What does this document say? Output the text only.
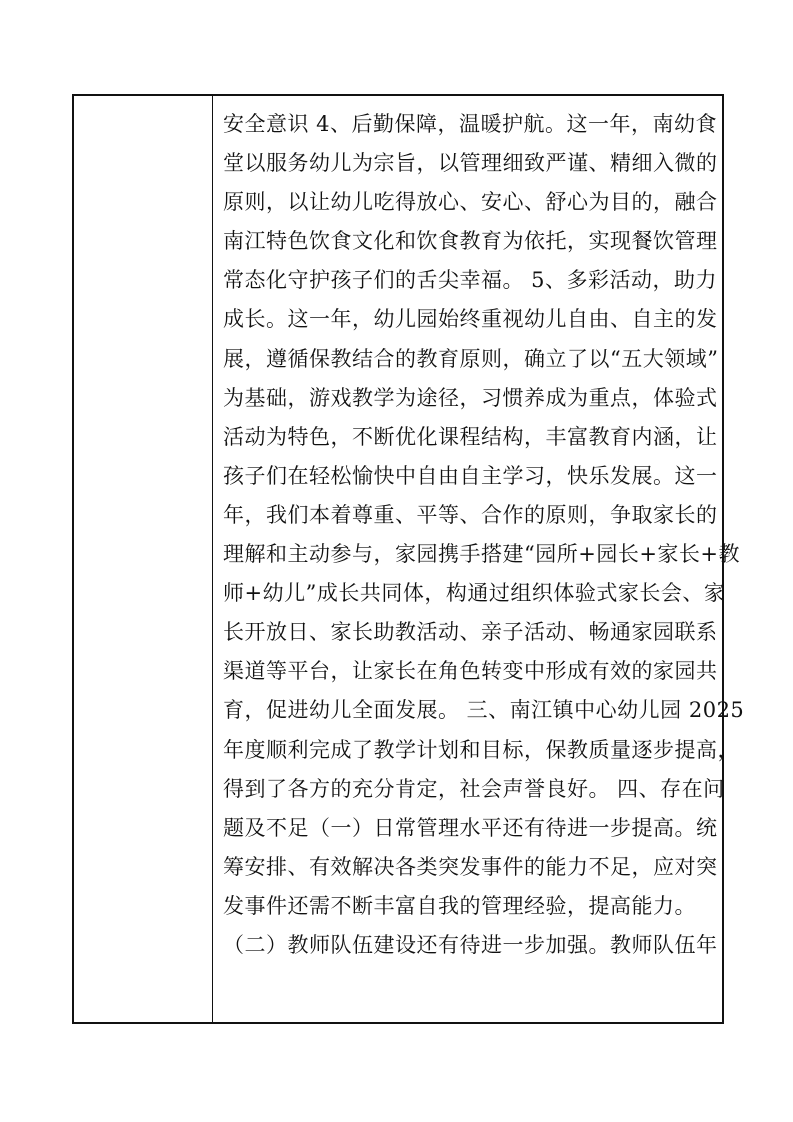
安全意识 4、后勤保障，温暖护航。这一年，南幼食
堂以服务幼儿为宗旨，以管理细致严谨、精细入微的
原则，以让幼儿吃得放心、安心、舒心为目的，融合
南江特色饮食文化和饮食教育为依托，实现餐饮管理
常态化守护孩子们的舌尖幸福。 5、多彩活动，助力
成长。这一年，幼儿园始终重视幼儿自由、自主的发
展，遵循保教结合的教育原则，确立了以“五大领域”
为基础，游戏教学为途径，习惯养成为重点，体验式
活动为特色，不断优化课程结构，丰富教育内涵，让
孩子们在轻松愉快中自由自主学习，快乐发展。这一
年，我们本着尊重、平等、合作的原则，争取家长的
理解和主动参与，家园携手搭建“园所+园长+家长+教
师+幼儿”成长共同体，构通过组织体验式家长会、家
长开放日、家长助教活动、亲子活动、畅通家园联系
渠道等平台，让家长在角色转变中形成有效的家园共
育，促进幼儿全面发展。 三、南江镇中心幼儿园 2025
年度顺利完成了教学计划和目标，保教质量逐步提高，
得到了各方的充分肯定，社会声誉良好。 四、存在问
题及不足（一）日常管理水平还有待进一步提高。统
筹安排、有效解决各类突发事件的能力不足，应对突
发事件还需不断丰富自我的管理经验，提高能力。
（二）教师队伍建设还有待进一步加强。教师队伍年
